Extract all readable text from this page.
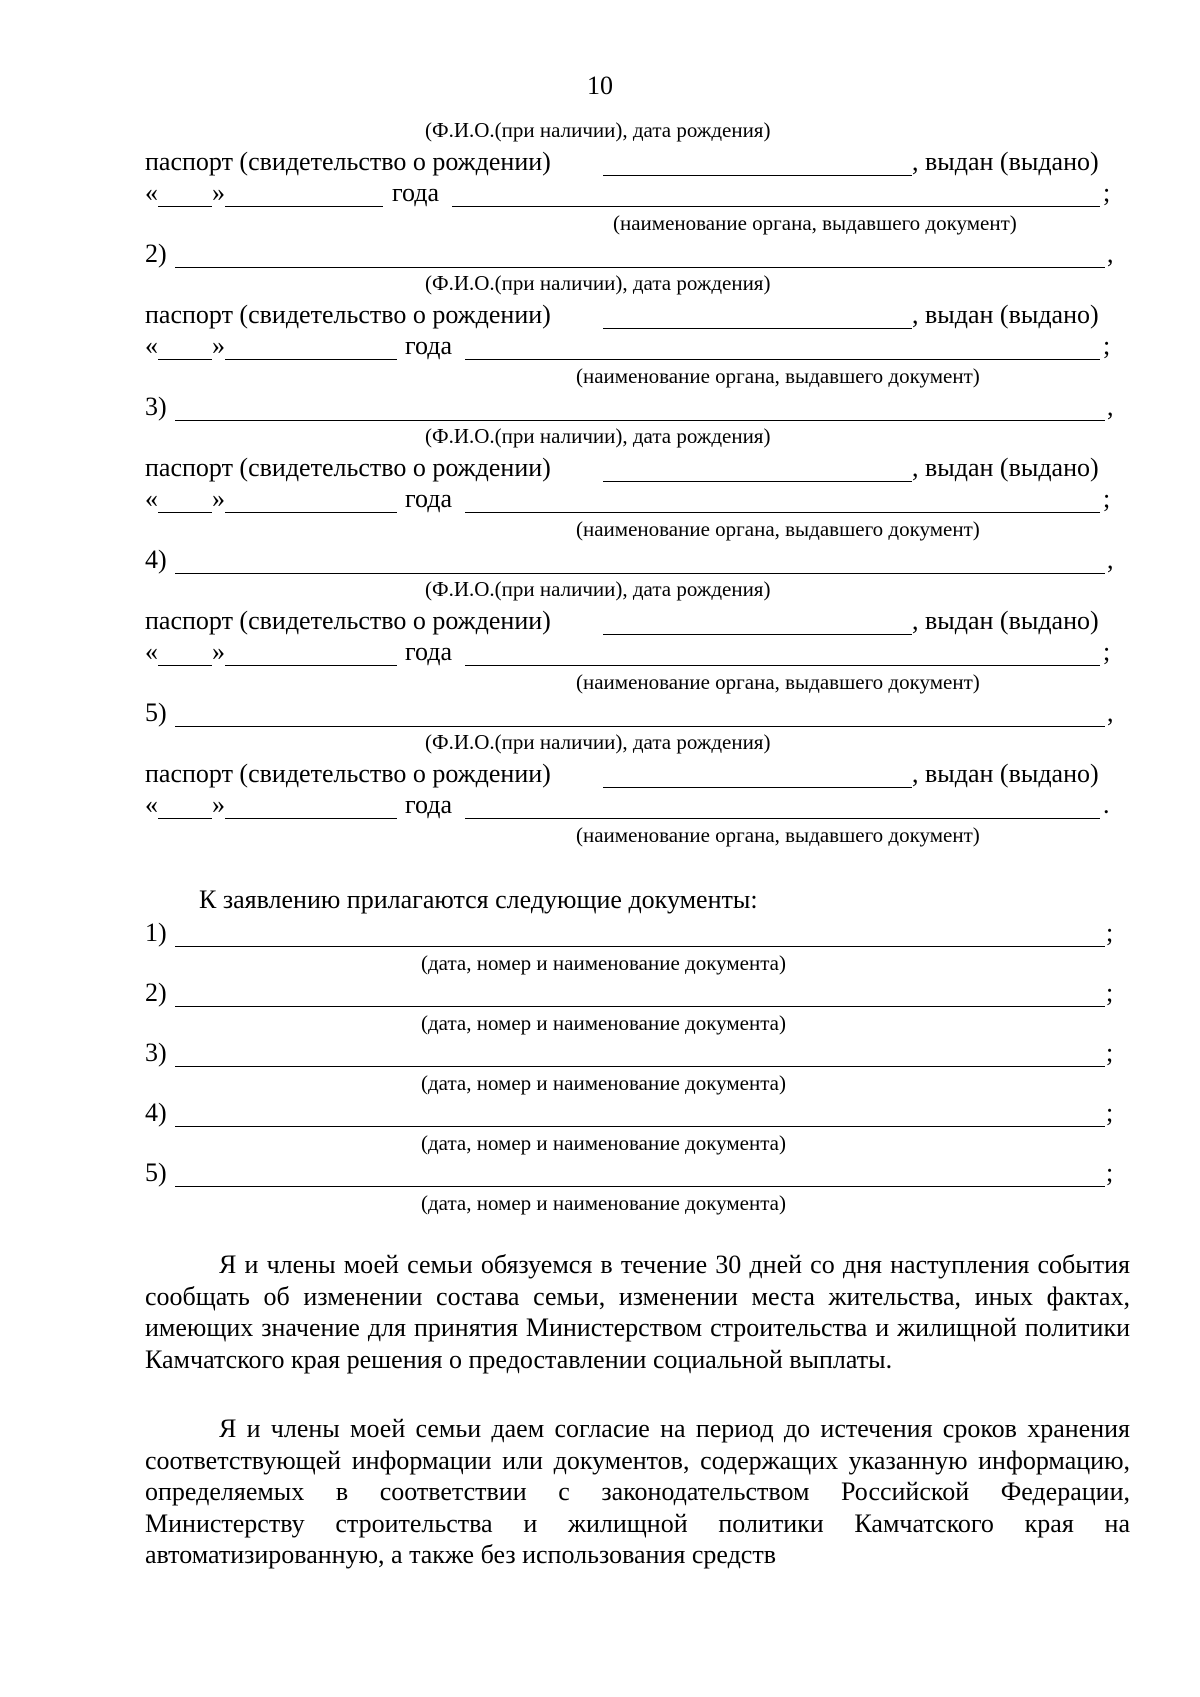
10
(Ф.И.О.(при наличии), дата рождения)
паспорт (свидетельство о рождении)	, выдан (выдано)
« »	года	;
(наименование органа, выдавшего документ)
2)	,
(Ф.И.О.(при наличии), дата рождения)
паспорт (свидетельство о рождении)	, выдан (выдано)
« »	года	;
(наименование органа, выдавшего документ)
3)	,
(Ф.И.О.(при наличии), дата рождения)
паспорт (свидетельство о рождении)	, выдан (выдано)
« »	года	;
(наименование органа, выдавшего документ)
4)	,
(Ф.И.О.(при наличии), дата рождения)
паспорт (свидетельство о рождении)	, выдан (выдано)
« »	года	;
(наименование органа, выдавшего документ)
5)	,
(Ф.И.О.(при наличии), дата рождения)
паспорт (свидетельство о рождении)	, выдан (выдано)
« »	года	.
(наименование органа, выдавшего документ)
К заявлению прилагаются следующие документы:
1)	;
(дата, номер и наименование документа)
2)	;
(дата, номер и наименование документа)
3)	;
(дата, номер и наименование документа)
4)	;
(дата, номер и наименование документа)
5)	;
(дата, номер и наименование документа)
Я и члены моей семьи обязуемся в течение 30 дней со дня наступления события сообщать об изменении состава семьи, изменении места жительства, иных фактах, имеющих значение для принятия Министерством строительства и жилищной политики Камчатского края решения о предоставлении социальной выплаты.
Я и члены моей семьи даем согласие на период до истечения сроков хранения соответствующей информации или документов, содержащих указанную информацию, определяемых в соответствии с законодательством Российской Федерации, Министерству строительства и жилищной политики Камчатского края на автоматизированную, а также без использования средств
